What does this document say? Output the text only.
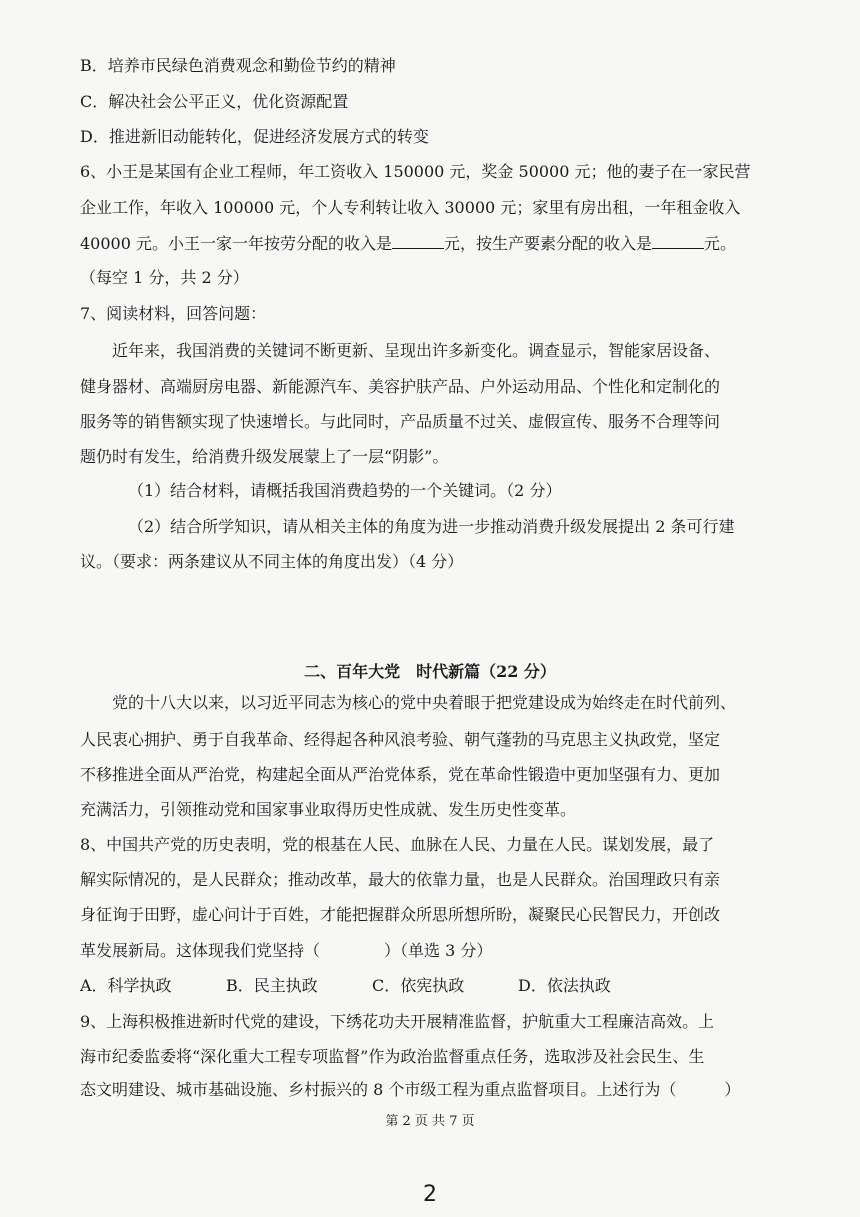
B．培养市民绿色消费观念和勤俭节约的精神

C．解决社会公平正义，优化资源配置

D．推进新旧动能转化，促进经济发展方式的转变

6、小王是某国有企业工程师，年工资收入 150000 元，奖金 50000 元；他的妻子在一家民营

企业工作，年收入 100000 元，个人专利转让收入 30000 元；家里有房出租，一年租金收入

40000 元。小王一家一年按劳分配的收入是	元，按生产要素分配的收入是	元。

（每空 1 分，共 2 分）

7、阅读材料，回答问题：

近年来，我国消费的关键词不断更新、呈现出许多新变化。调查显示，智能家居设备、

健身器材、高端厨房电器、新能源汽车、美容护肤产品、户外运动用品、个性化和定制化的

服务等的销售额实现了快速增长。与此同时，产品质量不过关、虚假宣传、服务不合理等问

题仍时有发生，给消费升级发展蒙上了一层“阴影”。

（1）结合材料，请概括我国消费趋势的一个关键词。（2 分）

（2）结合所学知识，请从相关主体的角度为进一步推动消费升级发展提出 2 条可行建

议。（要求：两条建议从不同主体的角度出发）（4 分）

二、百年大党　时代新篇（22 分）

党的十八大以来，以习近平同志为核心的党中央着眼于把党建设成为始终走在时代前列、

人民衷心拥护、勇于自我革命、经得起各种风浪考验、朝气蓬勃的马克思主义执政党，坚定

不移推进全面从严治党，构建起全面从严治党体系，党在革命性锻造中更加坚强有力、更加

充满活力，引领推动党和国家事业取得历史性成就、发生历史性变革。

8、中国共产党的历史表明，党的根基在人民、血脉在人民、力量在人民。谋划发展，最了

解实际情况的，是人民群众；推动改革，最大的依靠力量，也是人民群众。治国理政只有亲

身征询于田野，虚心问计于百姓，才能把握群众所思所想所盼，凝聚民心民智民力，开创改

革发展新局。这体现我们党坚持（　　　　）（单选 3 分）

A．科学执政	B．民主执政	C．依宪执政	D．依法执政

9、上海积极推进新时代党的建设，下绣花功夫开展精准监督，护航重大工程廉洁高效。上

海市纪委监委将“深化重大工程专项监督”作为政治监督重点任务，选取涉及社会民生、生

态文明建设、城市基础设施、乡村振兴的 8 个市级工程为重点监督项目。上述行为（　　　）

第 2 页 共 7 页

2
